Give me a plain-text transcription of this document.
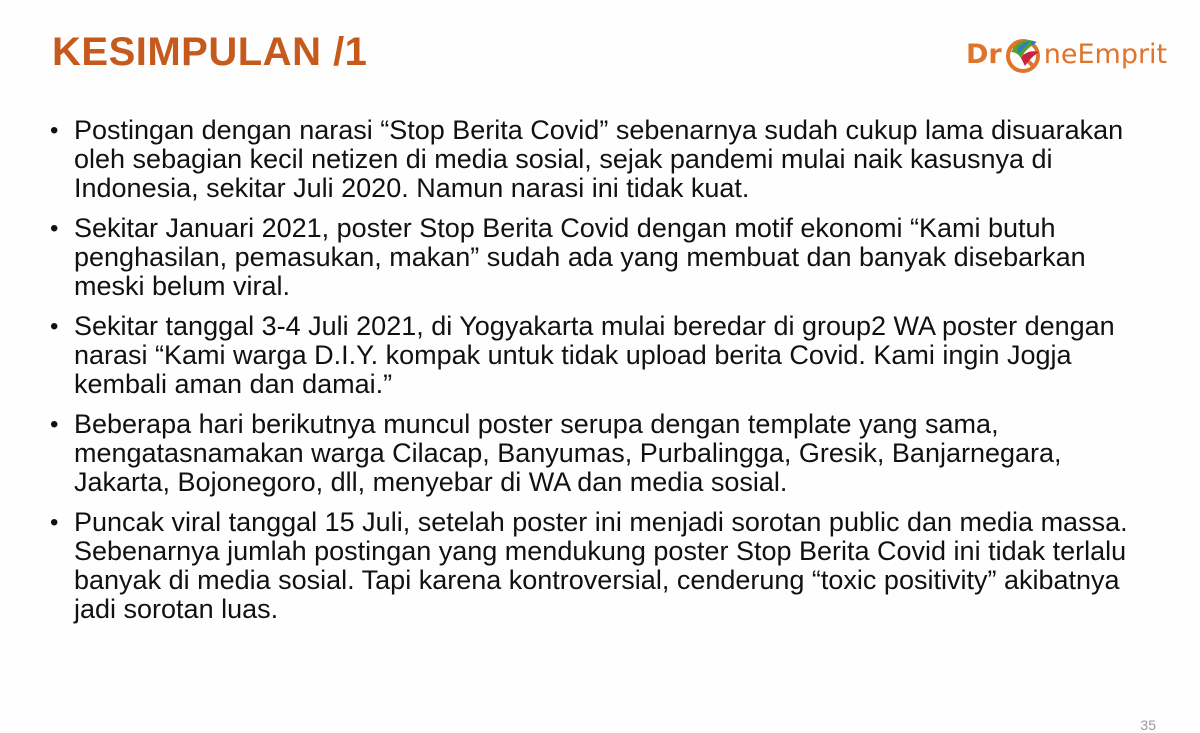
KESIMPULAN /1	Dr neEmprit
• Postingan dengan narasi “Stop Berita Covid” sebenarnya sudah cukup lama disuarakan oleh sebagian kecil netizen di media sosial, sejak pandemi mulai naik kasusnya di Indonesia, sekitar Juli 2020. Namun narasi ini tidak kuat.
• Sekitar Januari 2021, poster Stop Berita Covid dengan motif ekonomi “Kami butuh penghasilan, pemasukan, makan” sudah ada yang membuat dan banyak disebarkan meski belum viral.
• Sekitar tanggal 3-4 Juli 2021, di Yogyakarta mulai beredar di group2 WA poster dengan narasi “Kami warga D.I.Y. kompak untuk tidak upload berita Covid. Kami ingin Jogja kembali aman dan damai.”
• Beberapa hari berikutnya muncul poster serupa dengan template yang sama, mengatasnamakan warga Cilacap, Banyumas, Purbalingga, Gresik, Banjarnegara, Jakarta, Bojonegoro, dll, menyebar di WA dan media sosial.
• Puncak viral tanggal 15 Juli, setelah poster ini menjadi sorotan public dan media massa. Sebenarnya jumlah postingan yang mendukung poster Stop Berita Covid ini tidak terlalu banyak di media sosial. Tapi karena kontroversial, cenderung “toxic positivity” akibatnya jadi sorotan luas.
35
